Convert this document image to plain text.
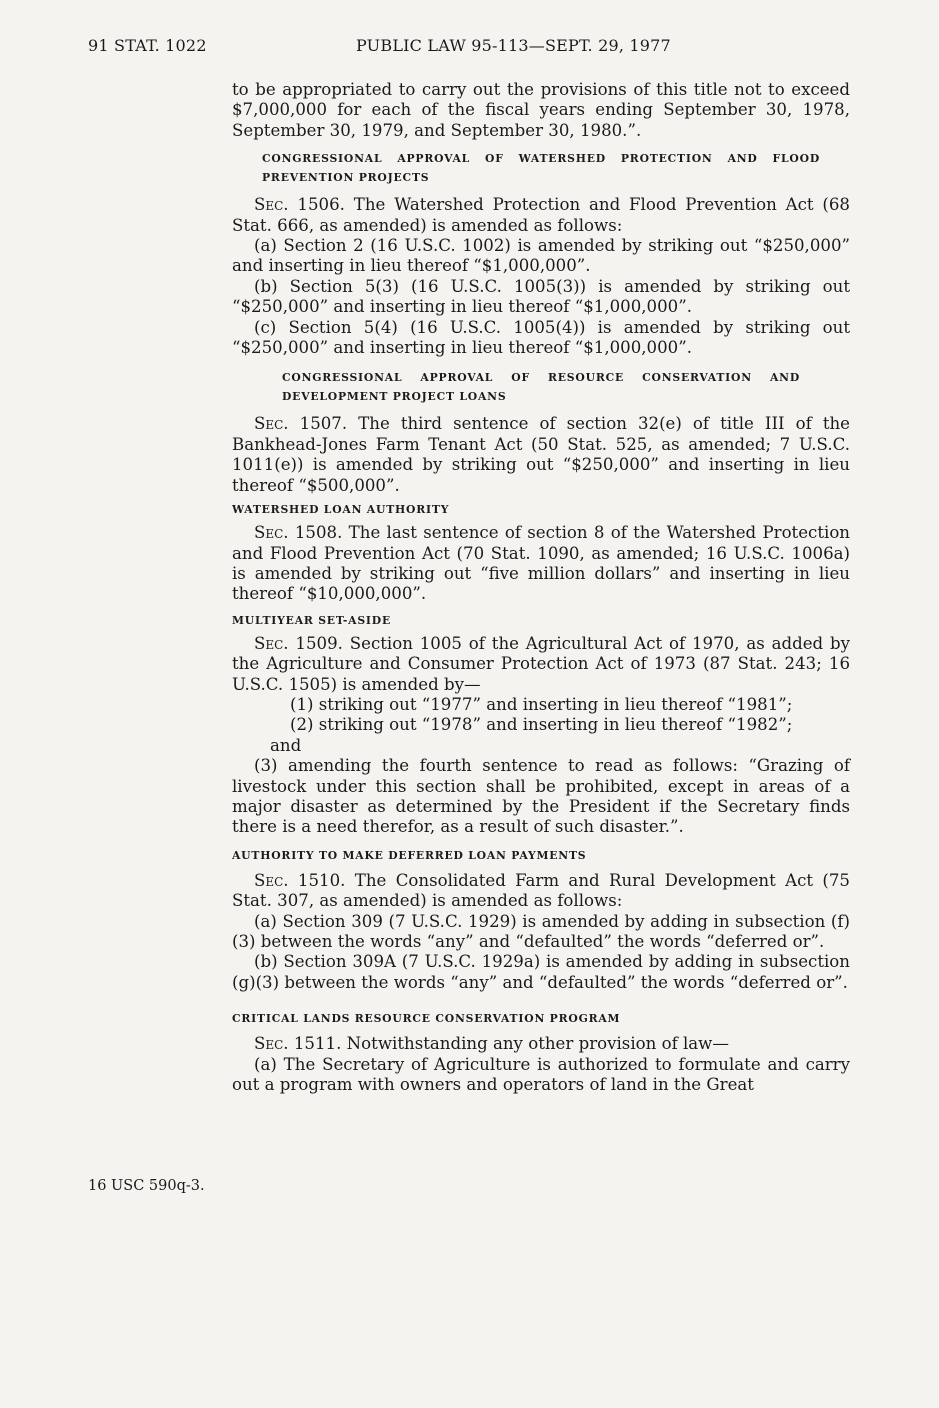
91 STAT. 1022	PUBLIC LAW 95-113—SEPT. 29, 1977

to be appropriated to carry out the provisions of this title not to exceed $7,000,000 for each of the fiscal years ending September 30, 1978, September 30, 1979, and September 30, 1980.”.

CONGRESSIONAL APPROVAL OF WATERSHED PROTECTION AND FLOOD PREVENTION PROJECTS

Sec. 1506. The Watershed Protection and Flood Prevention Act (68 Stat. 666, as amended) is amended as follows:

(a) Section 2 (16 U.S.C. 1002) is amended by striking out “$250,000” and inserting in lieu thereof “$1,000,000”.

(b) Section 5(3) (16 U.S.C. 1005(3)) is amended by striking out “$250,000” and inserting in lieu thereof “$1,000,000”.

(c) Section 5(4) (16 U.S.C. 1005(4)) is amended by striking out “$250,000” and inserting in lieu thereof “$1,000,000”.

CONGRESSIONAL APPROVAL OF RESOURCE CONSERVATION AND DEVELOPMENT PROJECT LOANS

Sec. 1507. The third sentence of section 32(e) of title III of the Bankhead-Jones Farm Tenant Act (50 Stat. 525, as amended; 7 U.S.C. 1011(e)) is amended by striking out “$250,000” and inserting in lieu thereof “$500,000”.

WATERSHED LOAN AUTHORITY

Sec. 1508. The last sentence of section 8 of the Watershed Protection and Flood Prevention Act (70 Stat. 1090, as amended; 16 U.S.C. 1006a) is amended by striking out “five million dollars” and inserting in lieu thereof “$10,000,000”.

MULTIYEAR SET-ASIDE

Sec. 1509. Section 1005 of the Agricultural Act of 1970, as added by the Agriculture and Consumer Protection Act of 1973 (87 Stat. 243; 16 U.S.C. 1505) is amended by—

(1) striking out “1977” and inserting in lieu thereof “1981”;

(2) striking out “1978” and inserting in lieu thereof “1982”;

and

(3) amending the fourth sentence to read as follows: “Grazing of livestock under this section shall be prohibited, except in areas of a major disaster as determined by the President if the Secretary finds there is a need therefor, as a result of such disaster.”.

AUTHORITY TO MAKE DEFERRED LOAN PAYMENTS

Sec. 1510. The Consolidated Farm and Rural Development Act (75 Stat. 307, as amended) is amended as follows:

(a) Section 309 (7 U.S.C. 1929) is amended by adding in subsection (f)(3) between the words “any” and “defaulted” the words “deferred or”.

(b) Section 309A (7 U.S.C. 1929a) is amended by adding in subsection (g)(3) between the words “any” and “defaulted” the words “deferred or”.

CRITICAL LANDS RESOURCE CONSERVATION PROGRAM

Sec. 1511. Notwithstanding any other provision of law—

(a) The Secretary of Agriculture is authorized to formulate and carry out a program with owners and operators of land in the Great

16 USC 590q-3.
